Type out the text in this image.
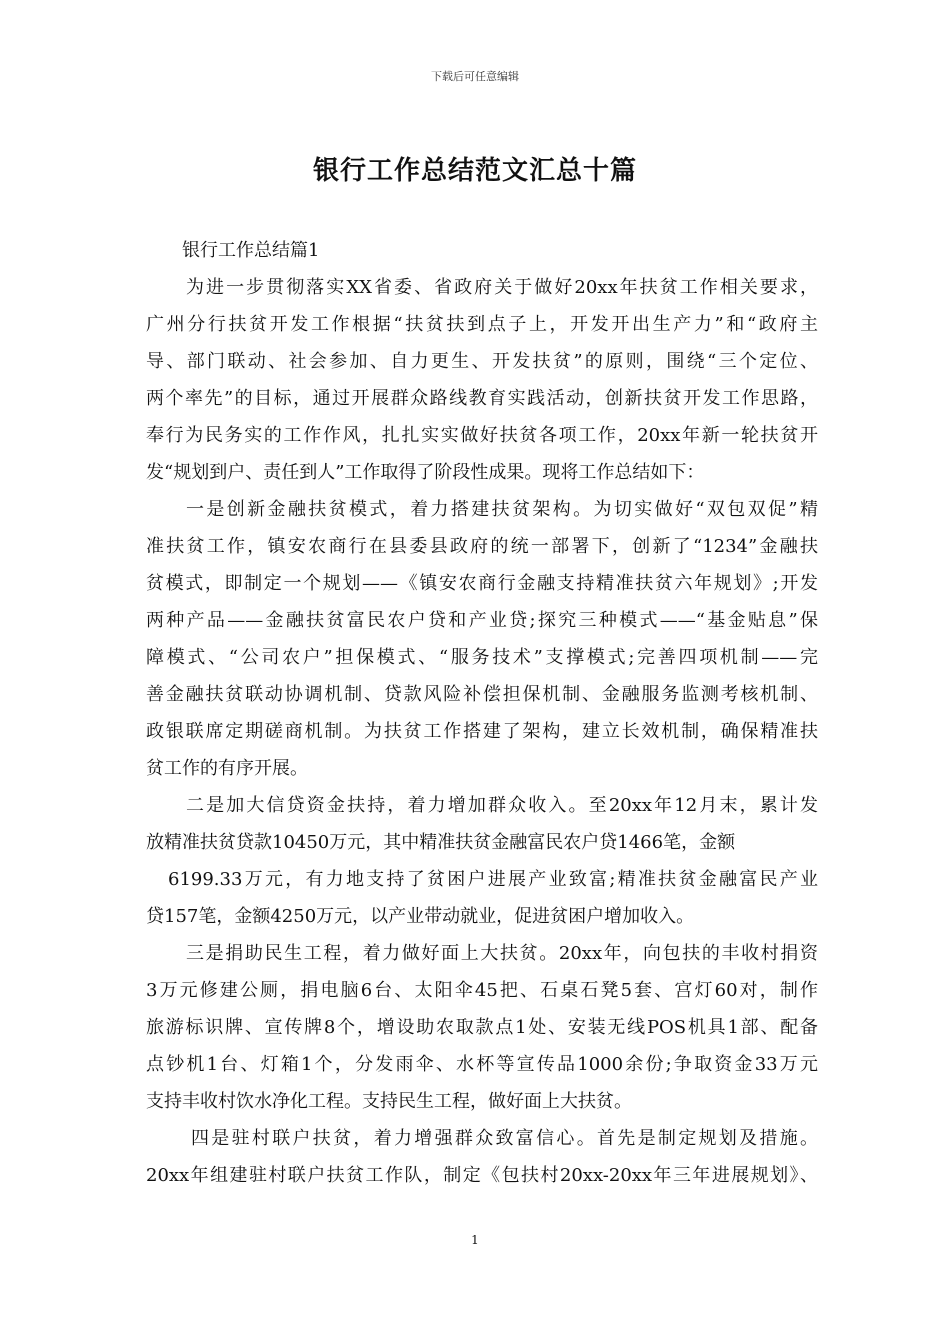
下载后可任意编辑
银行工作总结范文汇总十篇
银行工作总结篇1
为进一步贯彻落实XX省委、省政府关于做好20xx年扶贫工作相关要求，
广州分行扶贫开发工作根据“扶贫扶到点子上，开发开出生产力”和“政府主
导、部门联动、社会参加、自力更生、开发扶贫”的原则，围绕“三个定位、
两个率先”的目标，通过开展群众路线教育实践活动，创新扶贫开发工作思路，
奉行为民务实的工作作风，扎扎实实做好扶贫各项工作，20xx年新一轮扶贫开
发“规划到户、责任到人”工作取得了阶段性成果。现将工作总结如下：
一是创新金融扶贫模式，着力搭建扶贫架构。为切实做好“双包双促”精
准扶贫工作，镇安农商行在县委县政府的统一部署下，创新了“1234”金融扶
贫模式，即制定一个规划——《镇安农商行金融支持精准扶贫六年规划》;开发
两种产品——金融扶贫富民农户贷和产业贷;探究三种模式——“基金贴息”保
障模式、“公司农户”担保模式、“服务技术”支撑模式;完善四项机制——完
善金融扶贫联动协调机制、贷款风险补偿担保机制、金融服务监测考核机制、
政银联席定期磋商机制。为扶贫工作搭建了架构，建立长效机制，确保精准扶
贫工作的有序开展。
二是加大信贷资金扶持，着力增加群众收入。至20xx年12月末，累计发
放精准扶贫贷款10450万元，其中精准扶贫金融富民农户贷1466笔，金额
6199.33万元，有力地支持了贫困户进展产业致富;精准扶贫金融富民产业
贷157笔，金额4250万元，以产业带动就业，促进贫困户增加收入。
三是捐助民生工程，着力做好面上大扶贫。20xx年，向包扶的丰收村捐资
3万元修建公厕，捐电脑6台、太阳伞45把、石桌石凳5套、宫灯60对，制作
旅游标识牌、宣传牌8个，增设助农取款点1处、安装无线POS机具1部、配备
点钞机1台、灯箱1个，分发雨伞、水杯等宣传品1000余份;争取资金33万元
支持丰收村饮水净化工程。支持民生工程，做好面上大扶贫。
四是驻村联户扶贫，着力增强群众致富信心。首先是制定规划及措施。
20xx年组建驻村联户扶贫工作队，制定《包扶村20xx-20xx年三年进展规划》、
1
